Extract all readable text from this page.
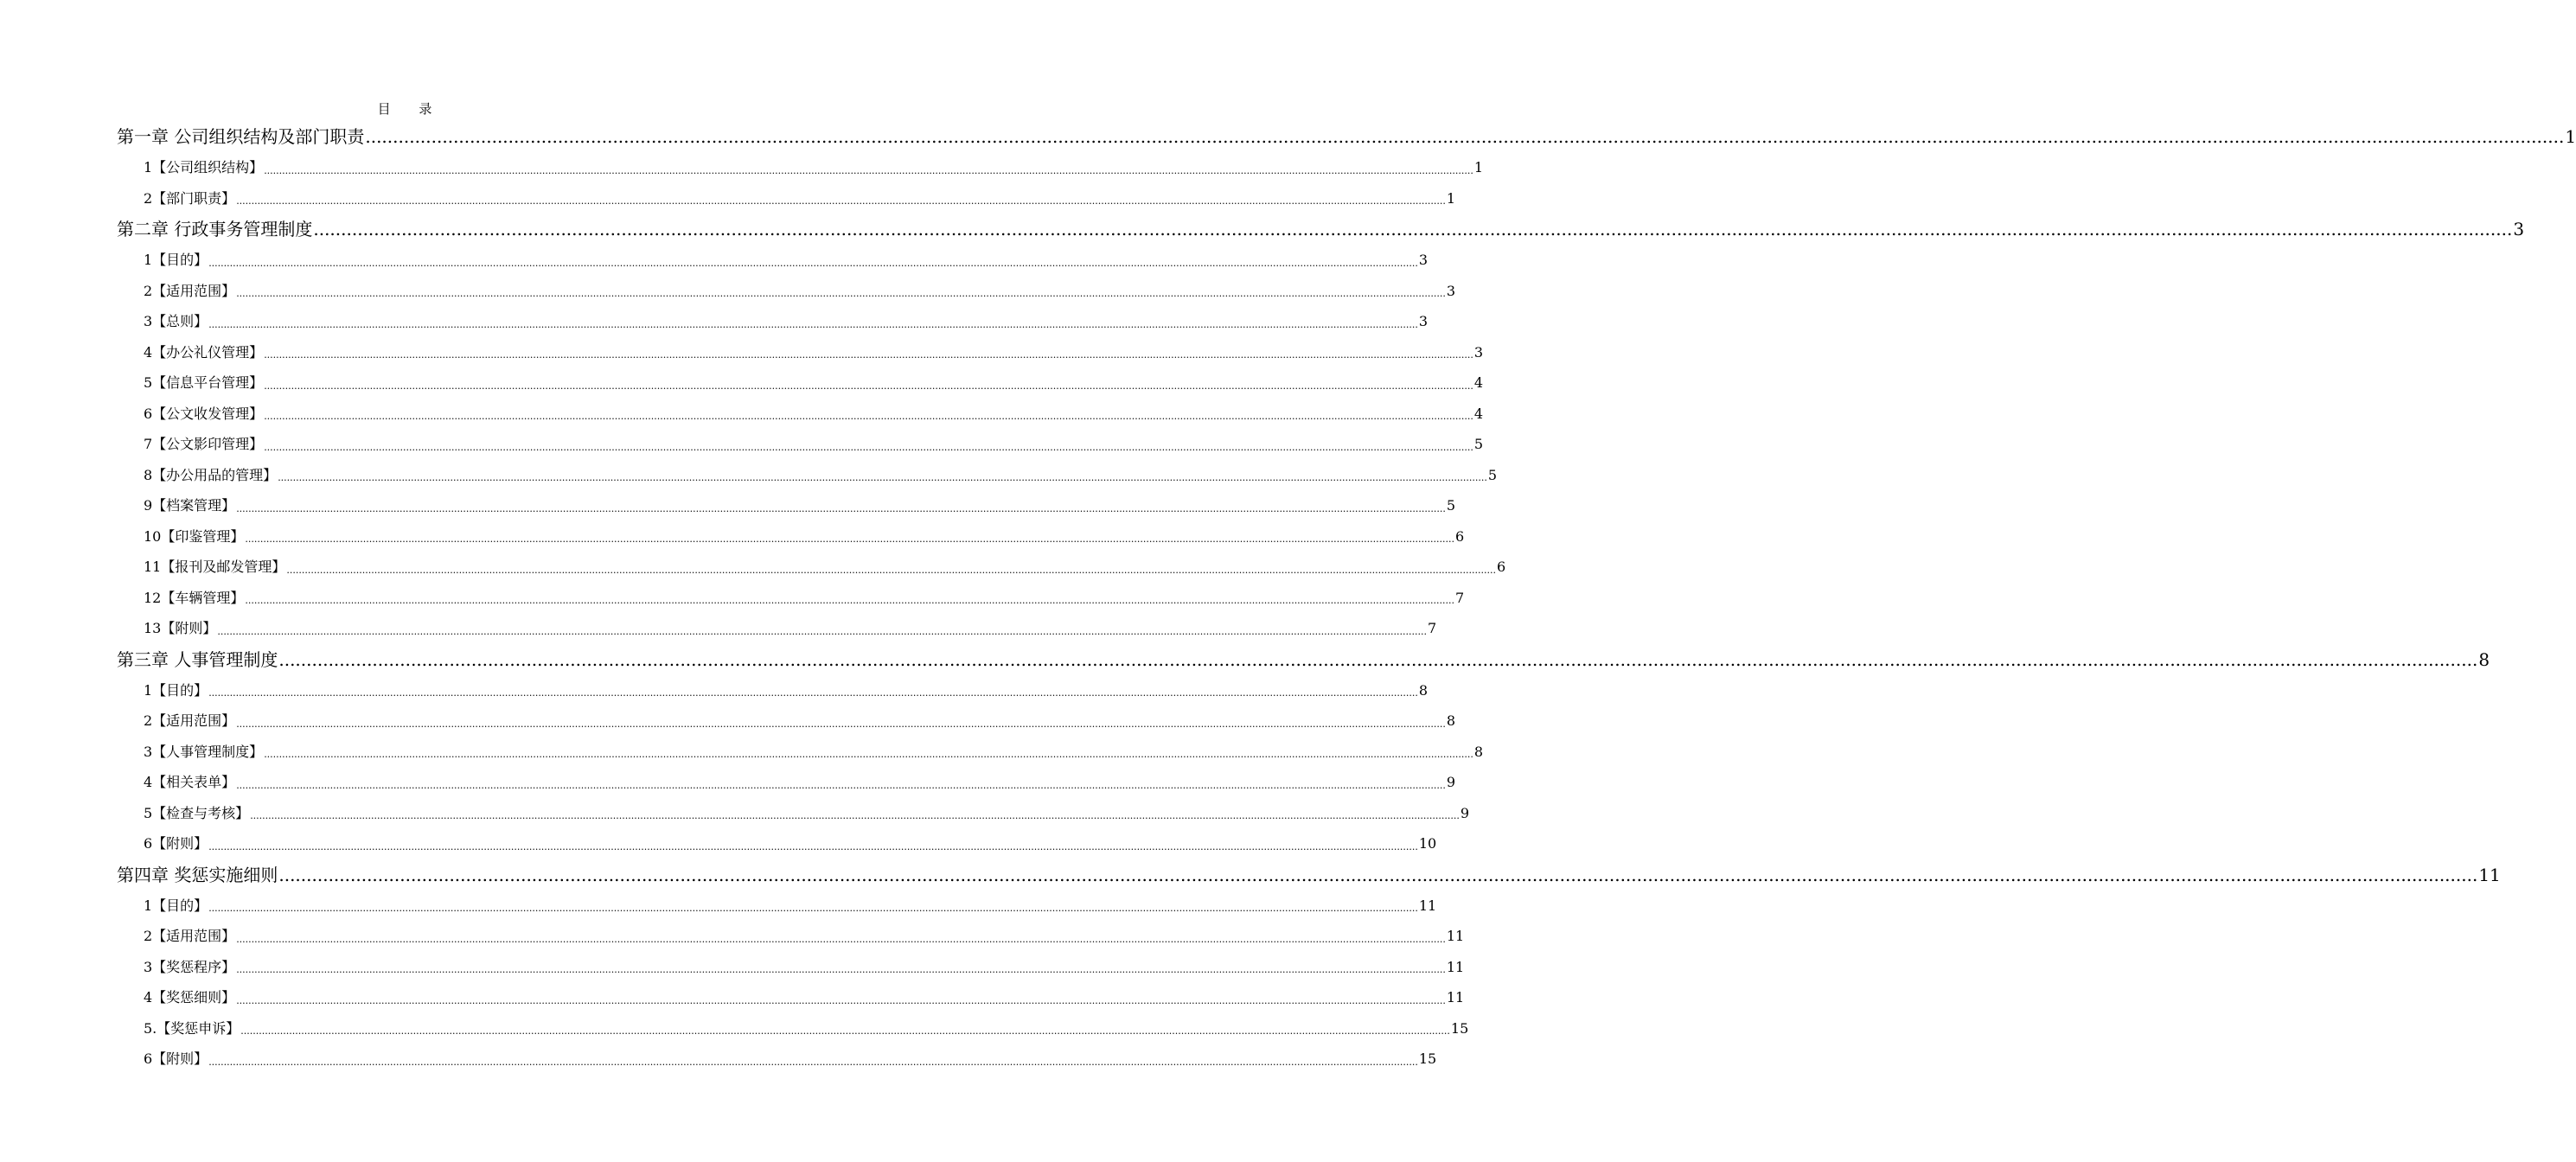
目 录
第一章 公司组织结构及部门职责 ................................................................................................................................................................................................................................................................................................................................................................................................................ 1
1【公司组织结构】 ................................................................................................................................................................................................................................................................................................................................................................................................................ 1
2【部门职责】 ................................................................................................................................................................................................................................................................................................................................................................................................................ 1
第二章 行政事务管理制度 ................................................................................................................................................................................................................................................................................................................................................................................................................ 3
1【目的】 ................................................................................................................................................................................................................................................................................................................................................................................................................ 3
2【适用范围】 ................................................................................................................................................................................................................................................................................................................................................................................................................ 3
3【总则】 ................................................................................................................................................................................................................................................................................................................................................................................................................ 3
4【办公礼仪管理】 ................................................................................................................................................................................................................................................................................................................................................................................................................ 3
5【信息平台管理】 ................................................................................................................................................................................................................................................................................................................................................................................................................ 4
6【公文收发管理】 ................................................................................................................................................................................................................................................................................................................................................................................................................ 4
7【公文影印管理】 ................................................................................................................................................................................................................................................................................................................................................................................................................ 5
8【办公用品的管理】 ................................................................................................................................................................................................................................................................................................................................................................................................................ 5
9【档案管理】 ................................................................................................................................................................................................................................................................................................................................................................................................................ 5
10【印鉴管理】 ................................................................................................................................................................................................................................................................................................................................................................................................................ 6
11【报刊及邮发管理】 ................................................................................................................................................................................................................................................................................................................................................................................................................ 6
12【车辆管理】 ................................................................................................................................................................................................................................................................................................................................................................................................................ 7
13【附则】 ................................................................................................................................................................................................................................................................................................................................................................................................................ 7
第三章 人事管理制度 ................................................................................................................................................................................................................................................................................................................................................................................................................ 8
1【目的】 ................................................................................................................................................................................................................................................................................................................................................................................................................ 8
2【适用范围】 ................................................................................................................................................................................................................................................................................................................................................................................................................ 8
3【人事管理制度】 ................................................................................................................................................................................................................................................................................................................................................................................................................ 8
4【相关表单】 ................................................................................................................................................................................................................................................................................................................................................................................................................ 9
5【检查与考核】 ................................................................................................................................................................................................................................................................................................................................................................................................................ 9
6【附则】 ................................................................................................................................................................................................................................................................................................................................................................................................................ 10
第四章 奖惩实施细则 ................................................................................................................................................................................................................................................................................................................................................................................................................ 11
1【目的】 ................................................................................................................................................................................................................................................................................................................................................................................................................ 11
2【适用范围】 ................................................................................................................................................................................................................................................................................................................................................................................................................ 11
3【奖惩程序】 ................................................................................................................................................................................................................................................................................................................................................................................................................ 11
4【奖惩细则】 ................................................................................................................................................................................................................................................................................................................................................................................................................ 11
5.【奖惩申诉】 ................................................................................................................................................................................................................................................................................................................................................................................................................ 15
6【附则】 ................................................................................................................................................................................................................................................................................................................................................................................................................ 15
